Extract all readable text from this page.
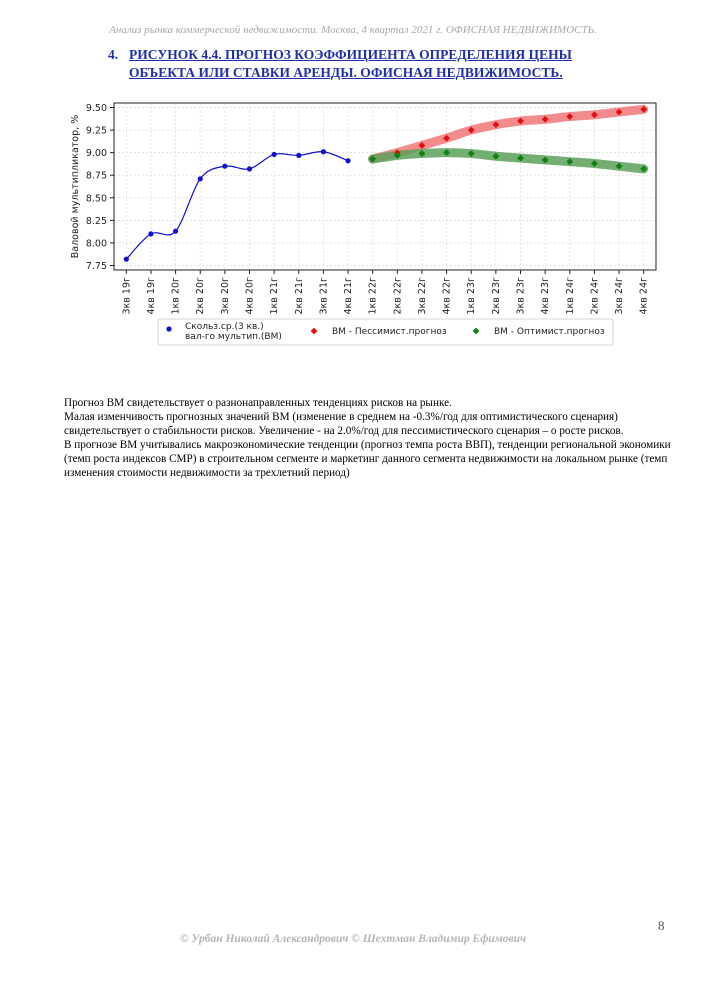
Анализ рынка коммерческой недвижимости. Москва, 4 квартал 2021 г. ОФИСНАЯ НЕДВИЖИМОСТЬ.
4. РИСУНОК 4.4. ПРОГНОЗ КОЭФФИЦИЕНТА ОПРЕДЕЛЕНИЯ ЦЕНЫ
ОБЪЕКТА ИЛИ СТАВКИ АРЕНДЫ. ОФИСНАЯ НЕДВИЖИМОСТЬ.
7.75
8.00
8.25
8.50
8.75
9.00
9.25
9.50
3кв 19г 4кв 19г 1кв 20г 2кв 20г 3кв 20г 4кв 20г 1кв 21г 2кв 21г 3кв 21г 4кв 21г 1кв 22г 2кв 22г 3кв 22г 4кв 22г 1кв 23г 2кв 23г 3кв 23г 4кв 23г 1кв 24г 2кв 24г 3кв 24г 4кв 24г
Валовой мультипликатор, %
Скольз.ср.(3 кв.)
вал-го мультип.(ВМ)	ВМ - Пессимист.прогноз	ВМ - Оптимист.прогноз

Прогноз ВМ свидетельствует о разнонаправленных тенденциях рисков на рынке.

Малая изменчивость прогнозных значений ВМ (изменение в среднем на -0.3%/год для оптимистического сценария) свидетельствует о стабильности рисков. Увеличение - на 2.0%/год для пессимистического сценария – о росте рисков.

В прогнозе ВМ учитывались макроэкономические тенденции (прогноз темпа роста ВВП), тенденции региональной экономики (темп роста индексов СМР) в строительном сегменте и маркетинг данного сегмента недвижимости на локальном рынке (темп изменения стоимости недвижимости за трехлетний период)

8
© Урбан Николай Александрович © Шехтман Владимир Ефимович
